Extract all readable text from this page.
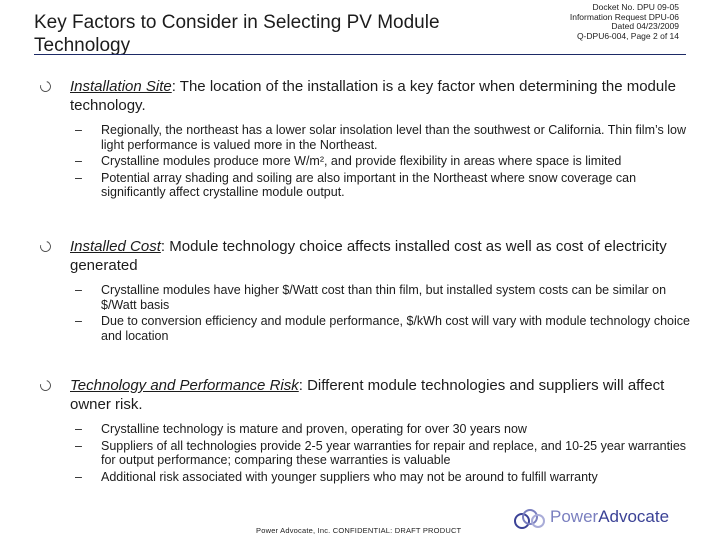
Key Factors to Consider in Selecting PV Module Technology
Docket No. DPU 09-05
Information Request DPU-06
Dated 04/23/2009
Q-DPU6-004, Page 2 of 14
Installation Site: The location of the installation is a key factor when determining the module technology.
– Regionally, the northeast has a lower solar insolation level than the southwest or California. Thin film’s low light performance is valued more in the Northeast.
– Crystalline modules produce more W/m², and provide flexibility in areas where space is limited
– Potential array shading and soiling are also important in the Northeast where snow coverage can significantly affect crystalline module output.
Installed Cost: Module technology choice affects installed cost as well as cost of electricity generated
– Crystalline modules have higher $/Watt cost than thin film, but installed system costs can be similar on $/Watt basis
– Due to conversion efficiency and module performance, $/kWh cost will vary with module technology choice and location
Technology and Performance Risk: Different module technologies and suppliers will affect owner risk.
– Crystalline technology is mature and proven, operating for over 30 years now
– Suppliers of all technologies provide 2-5 year warranties for repair and replace, and 10-25 year warranties for output performance; comparing these warranties is valuable
– Additional risk associated with younger suppliers who may not be around to fulfill warranty
Power Advocate, Inc. CONFIDENTIAL: DRAFT PRODUCT
PowerAdvocate
